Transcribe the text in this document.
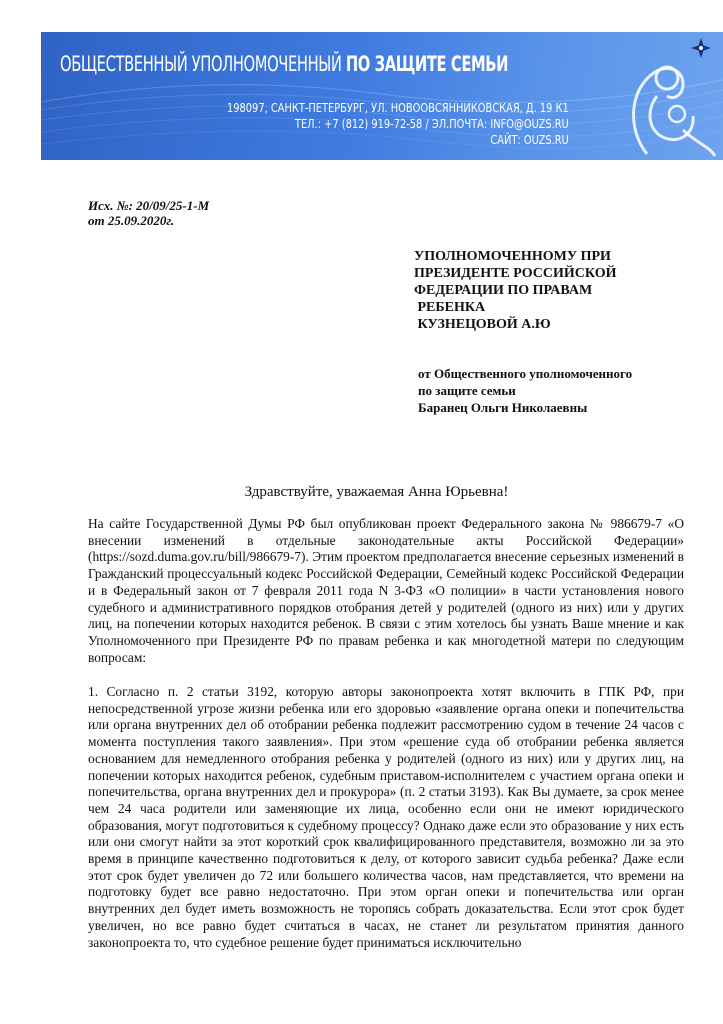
ОБЩЕСТВЕННЫЙ УПОЛНОМОЧЕННЫЙ ПО ЗАЩИТЕ СЕМЬИ
198097, САНКТ-ПЕТЕРБУРГ, УЛ. НОВООВСЯННИКОВСКАЯ, Д. 19 К1
ТЕЛ.: +7 (812) 919-72-58 / ЭЛ.ПОЧТА: INFO@OUZS.RU
САЙТ: OUZS.RU
Исх. №: 20/09/25-1-М
от 25.09.2020г.
УПОЛНОМОЧЕННОМУ ПРИ
ПРЕЗИДЕНТЕ РОССИЙСКОЙ
ФЕДЕРАЦИИ ПО ПРАВАМ
РЕБЕНКА
КУЗНЕЦОВОЙ А.Ю
от Общественного уполномоченного
по защите семьи
Баранец Ольги Николаевны
Здравствуйте, уважаемая Анна Юрьевна!

На сайте Государственной Думы РФ был опубликован проект Федерального закона № 986679-7 «О внесении изменений в отдельные законодательные акты Российской Федерации» (https://sozd.duma.gov.ru/bill/986679-7). Этим проектом предполагается внесение серьезных изменений в Гражданский процессуальный кодекс Российской Федерации, Семейный кодекс Российской Федерации и в Федеральный закон от 7 февраля 2011 года N 3-ФЗ «О полиции» в части установления нового судебного и административного порядков отобрания детей у родителей (одного из них) или у других лиц, на попечении которых находится ребенок. В связи с этим хотелось бы узнать Ваше мнение и как Уполномоченного при Президенте РФ по правам ребенка и как многодетной матери по следующим вопросам:

1. Согласно п. 2 статьи 3192, которую авторы законопроекта хотят включить в ГПК РФ, при непосредственной угрозе жизни ребенка или его здоровью «заявление органа опеки и попечительства или органа внутренних дел об отобрании ребенка подлежит рассмотрению судом в течение 24 часов с момента поступления такого заявления». При этом «решение суда об отобрании ребенка является основанием для немедленного отобрания ребенка у родителей (одного из них) или у других лиц, на попечении которых находится ребенок, судебным приставом-исполнителем с участием органа опеки и попечительства, органа внутренних дел и прокурора» (п. 2 статьи 3193). Как Вы думаете, за срок менее чем 24 часа родители или заменяющие их лица, особенно если они не имеют юридического образования, могут подготовиться к судебному процессу? Однако даже если это образование у них есть или они смогут найти за этот короткий срок квалифицированного представителя, возможно ли за это время в принципе качественно подготовиться к делу, от которого зависит судьба ребенка? Даже если этот срок будет увеличен до 72 или большего количества часов, нам представляется, что времени на подготовку будет все равно недостаточно. При этом орган опеки и попечительства или орган внутренних дел будет иметь возможность не торопясь собрать доказательства. Если этот срок будет увеличен, но все равно будет считаться в часах, не станет ли результатом принятия данного законопроекта то, что судебное решение будет приниматься исключительно
